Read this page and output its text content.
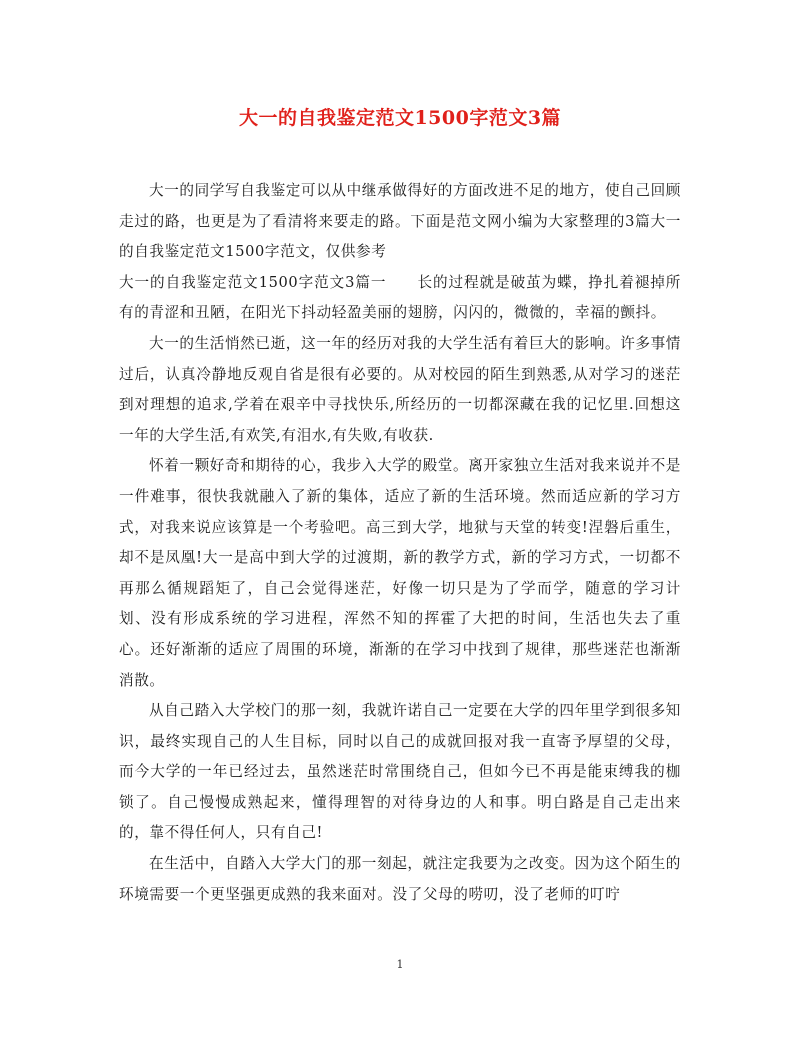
大一的自我鉴定范文1500字范文3篇

大一的同学写自我鉴定可以从中继承做得好的方面改进不足的地方，使自己回顾走过的路，也更是为了看清将来要走的路。下面是范文网小编为大家整理的3篇大一的自我鉴定范文1500字范文，仅供参考

大一的自我鉴定范文1500字范文3篇一　　长的过程就是破茧为蝶，挣扎着褪掉所有的青涩和丑陋，在阳光下抖动轻盈美丽的翅膀，闪闪的，微微的，幸福的颤抖。

大一的生活悄然已逝，这一年的经历对我的大学生活有着巨大的影响。许多事情过后，认真冷静地反观自省是很有必要的。从对校园的陌生到熟悉,从对学习的迷茫到对理想的追求,学着在艰辛中寻找快乐,所经历的一切都深藏在我的记忆里.回想这一年的大学生活,有欢笑,有泪水,有失败,有收获.

怀着一颗好奇和期待的心，我步入大学的殿堂。离开家独立生活对我来说并不是一件难事，很快我就融入了新的集体，适应了新的生活环境。然而适应新的学习方式，对我来说应该算是一个考验吧。高三到大学，地狱与天堂的转变!涅磐后重生，却不是凤凰!大一是高中到大学的过渡期，新的教学方式，新的学习方式，一切都不再那么循规蹈矩了，自己会觉得迷茫，好像一切只是为了学而学，随意的学习计划、没有形成系统的学习进程，浑然不知的挥霍了大把的时间，生活也失去了重心。还好渐渐的适应了周围的环境，渐渐的在学习中找到了规律，那些迷茫也渐渐消散。

从自己踏入大学校门的那一刻，我就许诺自己一定要在大学的四年里学到很多知识，最终实现自己的人生目标，同时以自己的成就回报对我一直寄予厚望的父母，而今大学的一年已经过去，虽然迷茫时常围绕自己，但如今已不再是能束缚我的枷锁了。自己慢慢成熟起来，懂得理智的对待身边的人和事。明白路是自己走出来的，靠不得任何人，只有自己!

在生活中，自踏入大学大门的那一刻起，就注定我要为之改变。因为这个陌生的环境需要一个更坚强更成熟的我来面对。没了父母的唠叨，没了老师的叮咛

1
